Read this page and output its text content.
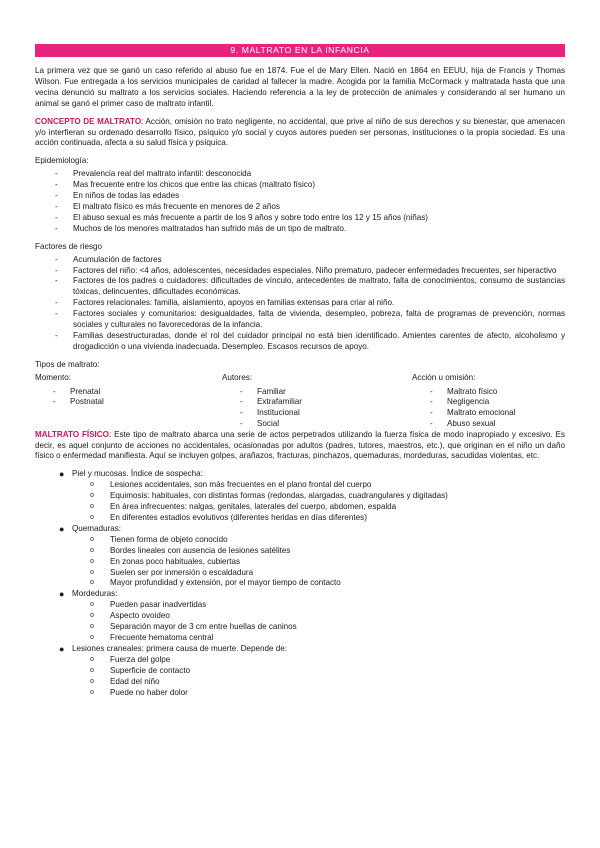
9. MALTRATO EN LA INFANCIA

La primera vez que se ganó un caso referido al abuso fue en 1874. Fue el de Mary Ellen. Nació en 1864 en EEUU, hija de Francis y Thomas Wilson. Fue entregada a los servicios municipales de caridad al fallecer la madre. Acogida por la familia McCormack y maltratada hasta que una vecina denunció su maltrato a los servicios sociales. Haciendo referencia a la ley de protección de animales y considerando al ser humano un animal se ganó el primer caso de maltrato infantil.

CONCEPTO DE MALTRATO: Acción, omisión no trato negligente, no accidental, que prive al niño de sus derechos y su bienestar, que amenacen y/o interfieran su ordenado desarrollo físico, psíquico y/o social y cuyos autores pueden ser personas, instituciones o la propia sociedad. Es una acción continuada, afecta a su salud física y psíquica.

Epidemiología:
- Prevalencia real del maltrato infantil: desconocida
- Mas frecuente entre los chicos que entre las chicas (maltrato físico)
- En niños de todas las edades
- El maltrato físico es más frecuente en menores de 2 años
- El abuso sexual es más frecuente a partir de los 9 años y sobre todo entre los 12 y 15 años (niñas)
- Muchos de los menores maltratados han sufrido más de un tipo de maltrato.
Factores de riesgo
- Acumulación de factores
- Factores del niño: <4 años, adolescentes, necesidades especiales. Niño prematuro, padecer enfermedades frecuentes, ser hiperactivo
- Factores de los padres o cuidadores: dificultades de vínculo, antecedentes de maltrato, falta de conocimientos, consumo de sustancias tóxicas, delincuentes, dificultades económicas.
- Factores relacionales: familia, aislamiento, apoyos en familias extensas para criar al niño.
- Factores sociales y comunitarios: desigualdades, falta de vivienda, desempleo, pobreza, falta de programas de prevención, normas sociales y culturales no favorecedoras de la infancia.
- Familias desestructuradas, donde el rol del cuidador principal no está bien identificado. Amientes carentes de afecto, alcoholismo y drogadicción o una vivienda inadecuada. Desempleo. Escasos recursos de apoyo.
Tipos de maltrato:
Momento:
- Prenatal
- Postnatal
Autores:
- Familiar
- Extrafamiliar
- Institucional
- Social
Acción u omisión:
- Maltrato físico
- Negligencia
- Maltrato emocional
- Abuso sexual

MALTRATO FÍSICO: Este tipo de maltrato abarca una serie de actos perpetrados utilizando la fuerza física de modo inapropiado y excesivo. Es decir, es aquel conjunto de acciones no accidentales, ocasionadas por adultos (padres, tutores, maestros, etc.), que originan en el niño un daño físico o enfermedad manifiesta. Aquí se incluyen golpes, arañazos, fracturas, pinchazos, quemaduras, mordeduras, sacudidas violentas, etc.

● Piel y mucosas. Índice de sospecha:
o Lesiones accidentales, son más frecuentes en el plano frontal del cuerpo
o Equimosis: habituales, con distintas formas (redondas, alargadas, cuadrangulares y digitadas)
o En área infrecuentes: nalgas, genitales, laterales del cuerpo, abdomen, espalda
o En diferentes estadios evolutivos (diferentes heridas en días diferentes)
● Quemaduras:
o Tienen forma de objeto conocido
o Bordes lineales con ausencia de lesiones satélites
o En zonas poco habituales, cubiertas
o Suelen ser por inmersión o escaldadura
o Mayor profundidad y extensión, por el mayor tiempo de contacto
● Mordeduras:
o Pueden pasar inadvertidas
o Aspecto ovoideo
o Separación mayor de 3 cm entre huellas de caninos
o Frecuente hematoma central
● Lesiones craneales: primera causa de muerte. Depende de:
o Fuerza del golpe
o Superficie de contacto
o Edad del niño
o Puede no haber dolor
